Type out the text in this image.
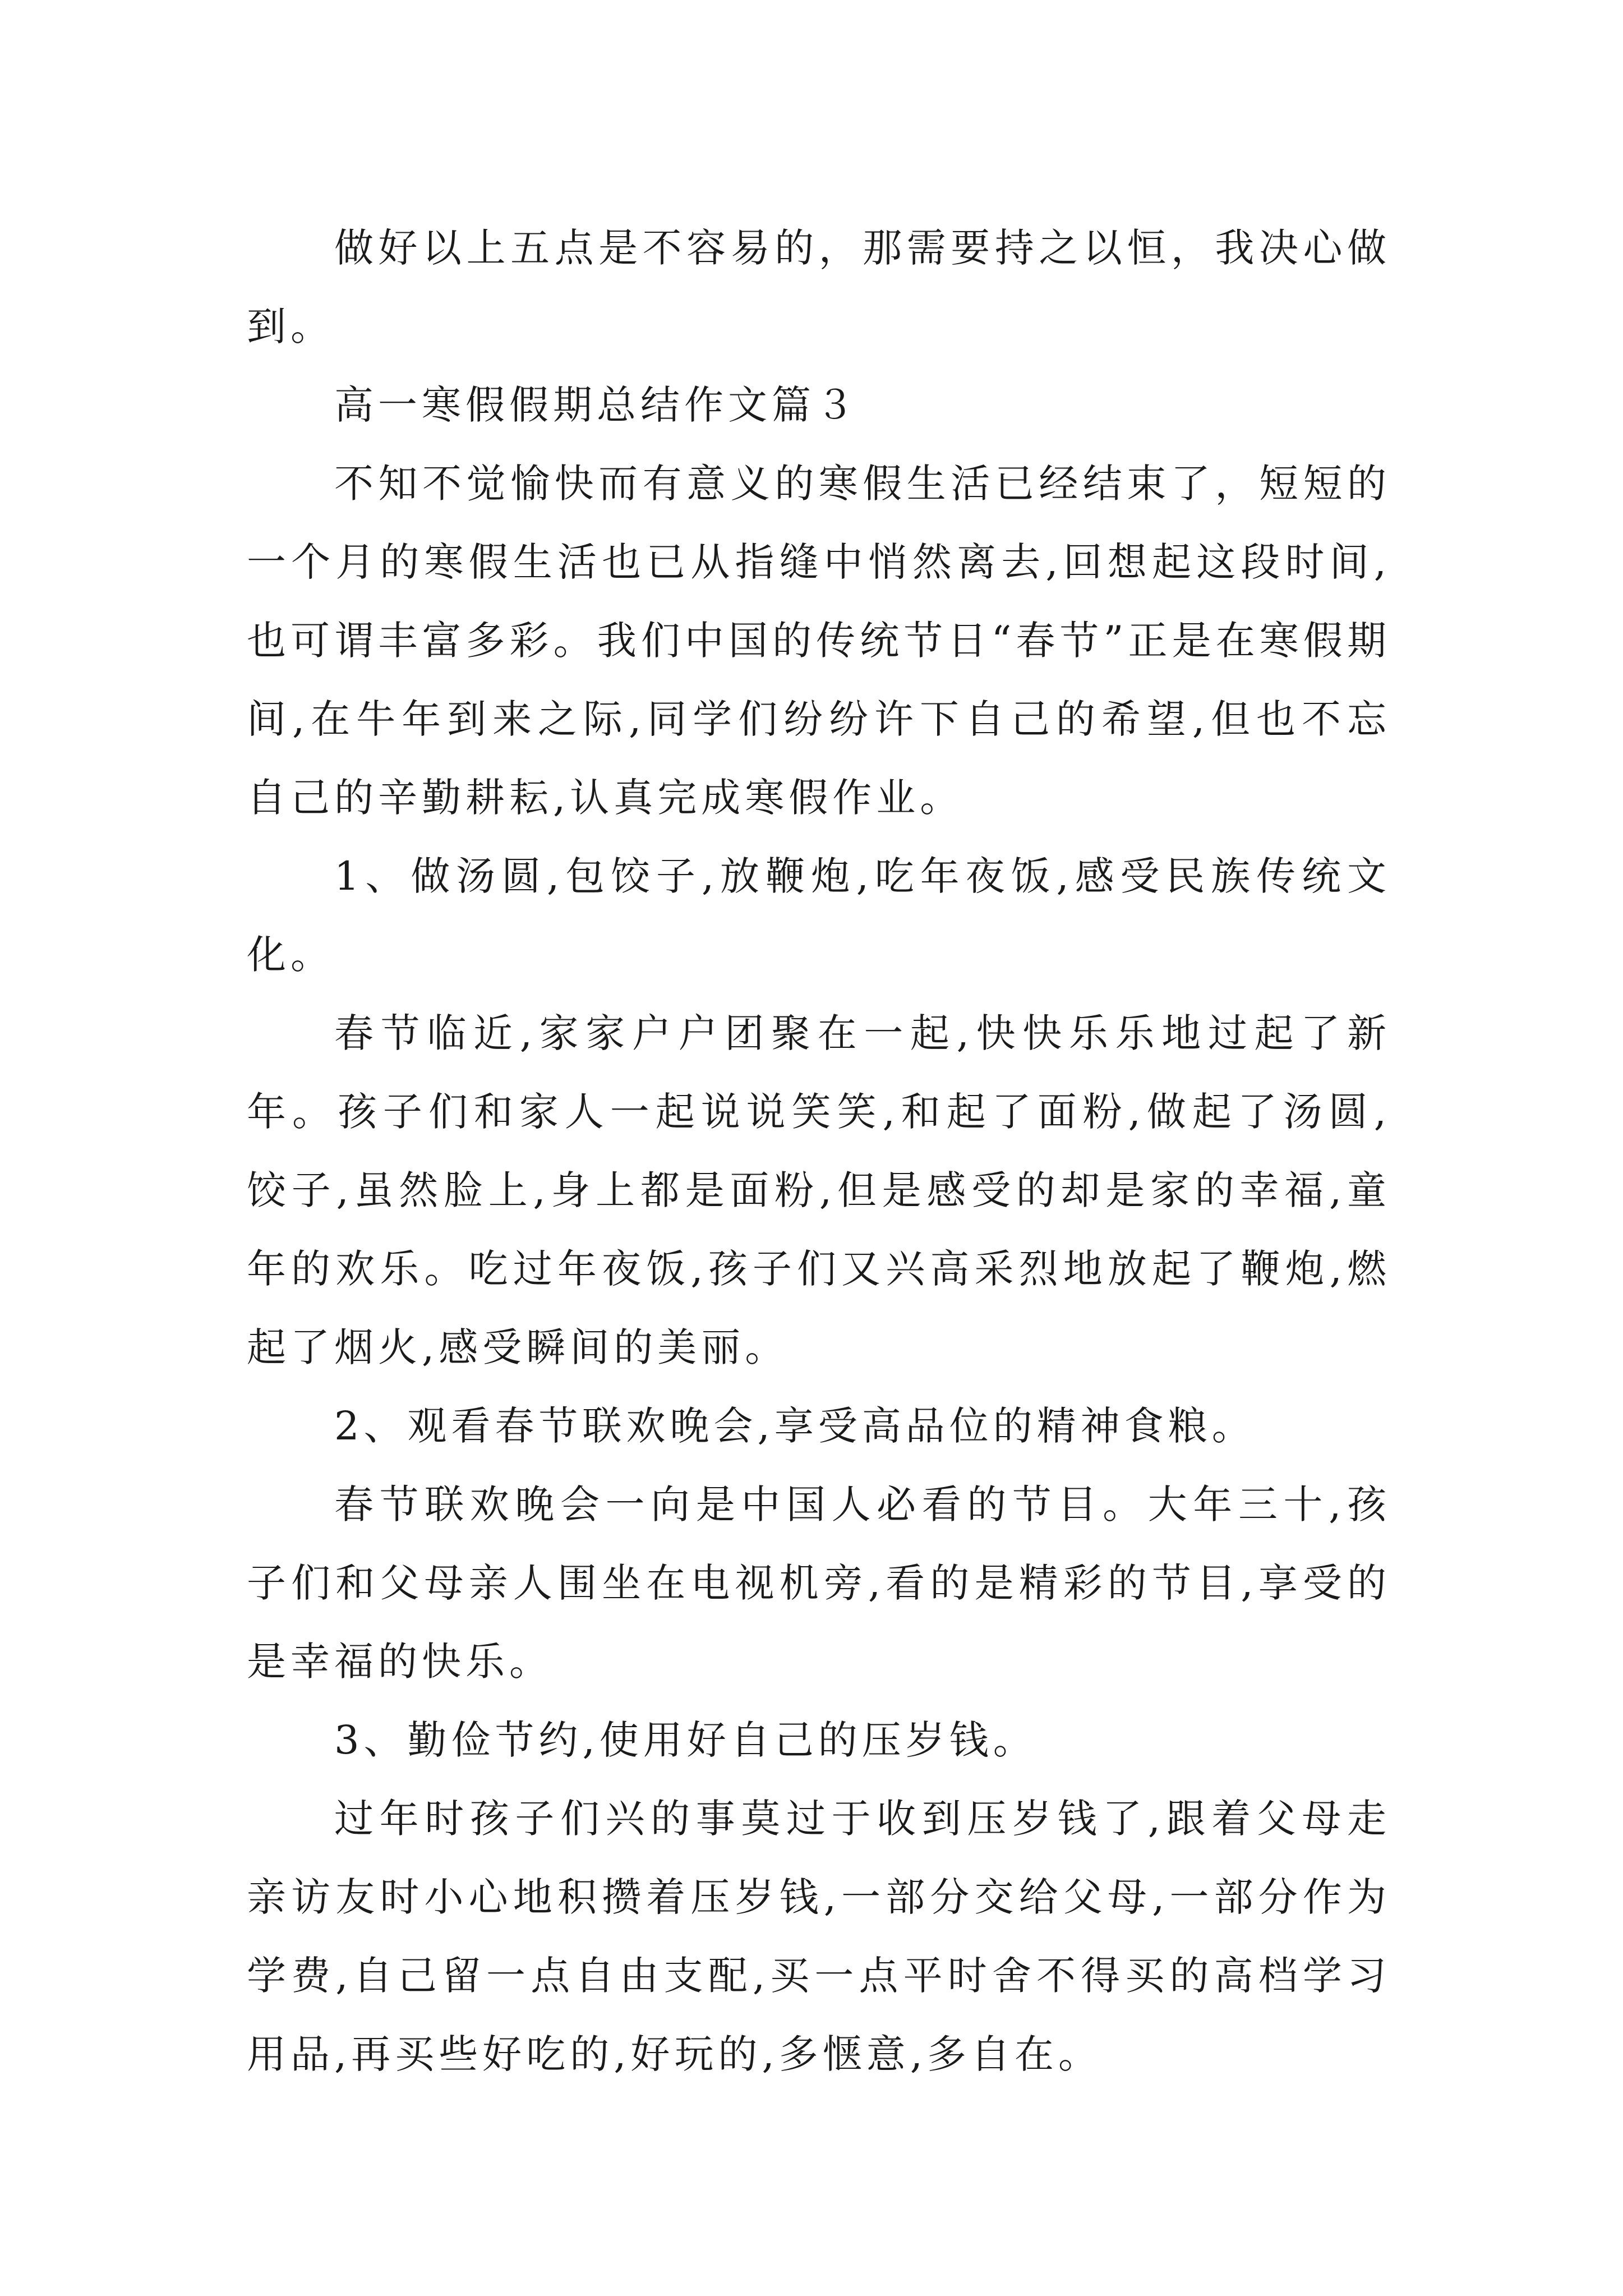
做好以上五点是不容易的，那需要持之以恒，我决心做到。

高一寒假假期总结作文篇３

不知不觉愉快而有意义的寒假生活已经结束了，短短的一个月的寒假生活也已从指缝中悄然离去,回想起这段时间,也可谓丰富多彩。我们中国的传统节日“春节”正是在寒假期间,在牛年到来之际,同学们纷纷许下自己的希望,但也不忘自己的辛勤耕耘,认真完成寒假作业。

1、做汤圆,包饺子,放鞭炮,吃年夜饭,感受民族传统文化。

春节临近,家家户户团聚在一起,快快乐乐地过起了新年。孩子们和家人一起说说笑笑,和起了面粉,做起了汤圆,饺子,虽然脸上,身上都是面粉,但是感受的却是家的幸福,童年的欢乐。吃过年夜饭,孩子们又兴高采烈地放起了鞭炮,燃起了烟火,感受瞬间的美丽。

2、观看春节联欢晚会,享受高品位的精神食粮。

春节联欢晚会一向是中国人必看的节目。大年三十,孩子们和父母亲人围坐在电视机旁,看的是精彩的节目,享受的是幸福的快乐。

3、勤俭节约,使用好自己的压岁钱。

过年时孩子们兴的事莫过于收到压岁钱了,跟着父母走亲访友时小心地积攒着压岁钱,一部分交给父母,一部分作为学费,自己留一点自由支配,买一点平时舍不得买的高档学习用品,再买些好吃的,好玩的,多惬意,多自在。
